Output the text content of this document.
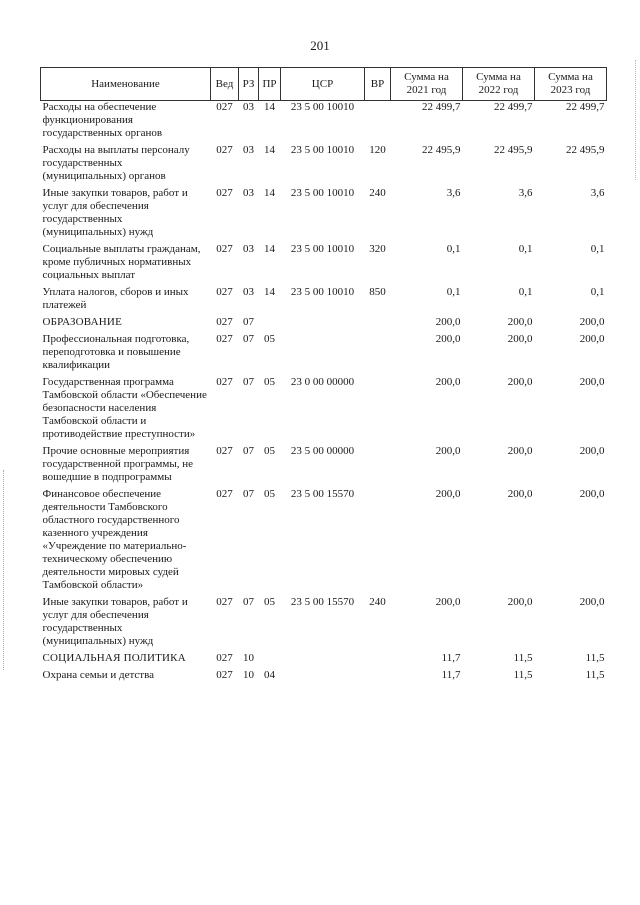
201
Наименование	Вед	РЗ	ПР	ЦСР	ВР	Сумма на 2021 год	Сумма на 2022 год	Сумма на 2023 год
Расходы на обеспечение функционирования государственных органов	027	03	14	23 5 00 10010		22 499,7	22 499,7	22 499,7
Расходы на выплаты персоналу государственных (муниципальных) органов	027	03	14	23 5 00 10010	120	22 495,9	22 495,9	22 495,9
Иные закупки товаров, работ и услуг для обеспечения государственных (муниципальных) нужд	027	03	14	23 5 00 10010	240	3,6	3,6	3,6
Социальные выплаты гражданам, кроме публичных нормативных социальных выплат	027	03	14	23 5 00 10010	320	0,1	0,1	0,1
Уплата налогов, сборов и иных платежей	027	03	14	23 5 00 10010	850	0,1	0,1	0,1
ОБРАЗОВАНИЕ	027	07				200,0	200,0	200,0
Профессиональная подготовка, переподготовка и повышение квалификации	027	07	05			200,0	200,0	200,0
Государственная программа Тамбовской области «Обеспечение безопасности населения Тамбовской области и противодействие преступности»	027	07	05	23 0 00 00000		200,0	200,0	200,0
Прочие основные мероприятия государственной программы, не вошедшие в подпрограммы	027	07	05	23 5 00 00000		200,0	200,0	200,0
Финансовое обеспечение деятельности Тамбовского областного государственного казенного учреждения «Учреждение по материально-техническому обеспечению деятельности мировых судей Тамбовской области»	027	07	05	23 5 00 15570		200,0	200,0	200,0
Иные закупки товаров, работ и услуг для обеспечения государственных (муниципальных) нужд	027	07	05	23 5 00 15570	240	200,0	200,0	200,0
СОЦИАЛЬНАЯ ПОЛИТИКА	027	10				11,7	11,5	11,5
Охрана семьи и детства	027	10	04			11,7	11,5	11,5
